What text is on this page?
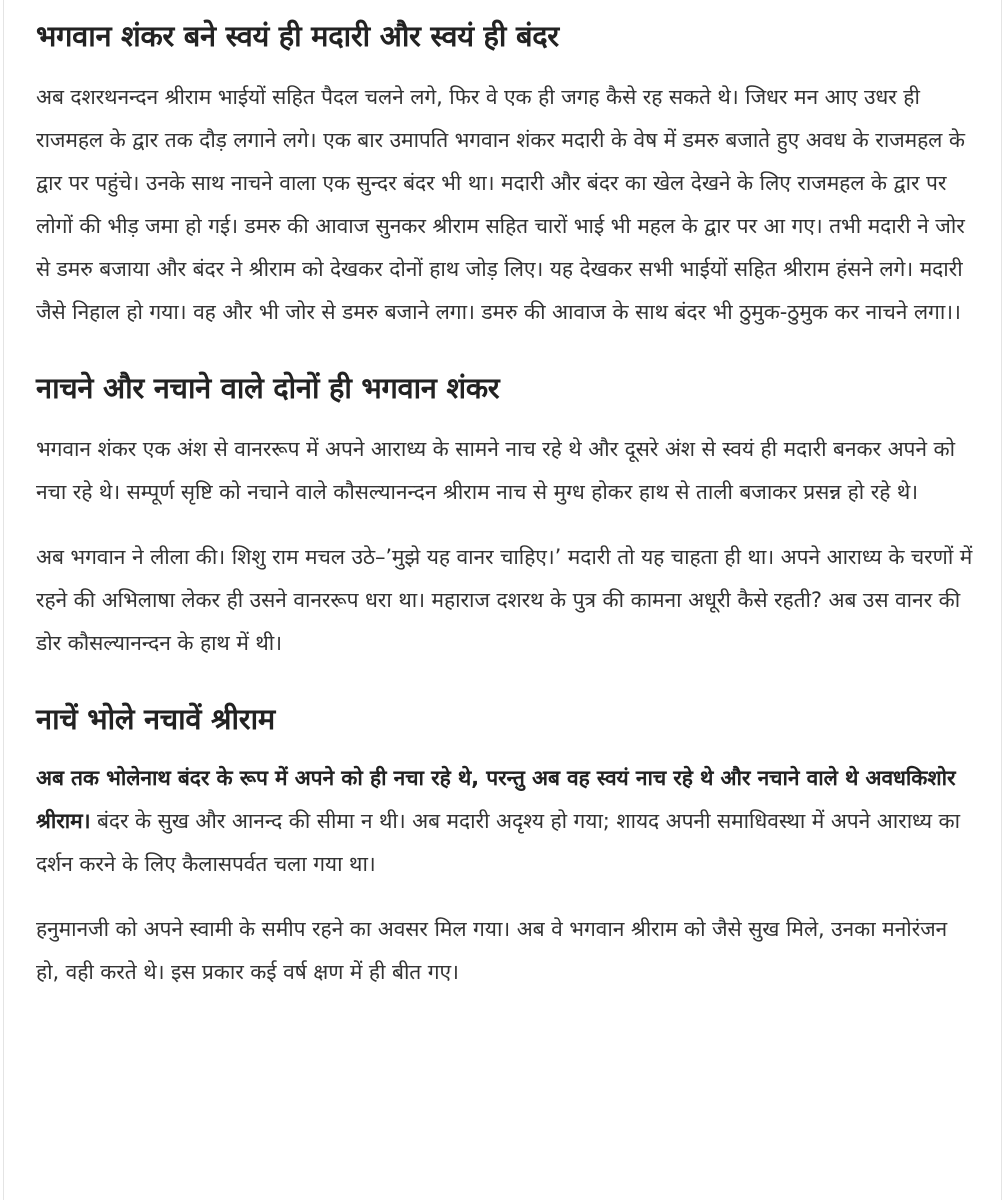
भगवान शंकर बने स्वयं ही मदारी और स्वयं ही बंदर

अब दशरथनन्दन श्रीराम भाईयों सहित पैदल चलने लगे, फिर वे एक ही जगह कैसे रह सकते थे। जिधर मन आए उधर ही राजमहल के द्वार तक दौड़ लगाने लगे। एक बार उमापति भगवान शंकर मदारी के वेष में डमरु बजाते हुए अवध के राजमहल के द्वार पर पहुंचे। उनके साथ नाचने वाला एक सुन्दर बंदर भी था। मदारी और बंदर का खेल देखने के लिए राजमहल के द्वार पर लोगों की भीड़ जमा हो गई। डमरु की आवाज सुनकर श्रीराम सहित चारों भाई भी महल के द्वार पर आ गए। तभी मदारी ने जोर से डमरु बजाया और बंदर ने श्रीराम को देखकर दोनों हाथ जोड़ लिए। यह देखकर सभी भाईयों सहित श्रीराम हंसने लगे। मदारी जैसे निहाल हो गया। वह और भी जोर से डमरु बजाने लगा। डमरु की आवाज के साथ बंदर भी ठुमुक-ठुमुक कर नाचने लगा।।

नाचने और नचाने वाले दोनों ही भगवान शंकर

भगवान शंकर एक अंश से वानररूप में अपने आराध्य के सामने नाच रहे थे और दूसरे अंश से स्वयं ही मदारी बनकर अपने को नचा रहे थे। सम्पूर्ण सृष्टि को नचाने वाले कौसल्यानन्दन श्रीराम नाच से मुग्ध होकर हाथ से ताली बजाकर प्रसन्न हो रहे थे।

अब भगवान ने लीला की। शिशु राम मचल उठे–’मुझे यह वानर चाहिए।’ मदारी तो यह चाहता ही था। अपने आराध्य के चरणों में रहने की अभिलाषा लेकर ही उसने वानररूप धरा था। महाराज दशरथ के पुत्र की कामना अधूरी कैसे रहती? अब उस वानर की डोर कौसल्यानन्दन के हाथ में थी।

नाचें भोले नचावें श्रीराम

अब तक भोलेनाथ बंदर के रूप में अपने को ही नचा रहे थे, परन्तु अब वह स्वयं नाच रहे थे और नचाने वाले थे अवधकिशोर श्रीराम। बंदर के सुख और आनन्द की सीमा न थी। अब मदारी अदृश्य हो गया; शायद अपनी समाधिवस्था में अपने आराध्य का दर्शन करने के लिए कैलासपर्वत चला गया था।

हनुमानजी को अपने स्वामी के समीप रहने का अवसर मिल गया। अब वे भगवान श्रीराम को जैसे सुख मिले, उनका मनोरंजन हो, वही करते थे। इस प्रकार कई वर्ष क्षण में ही बीत गए।
